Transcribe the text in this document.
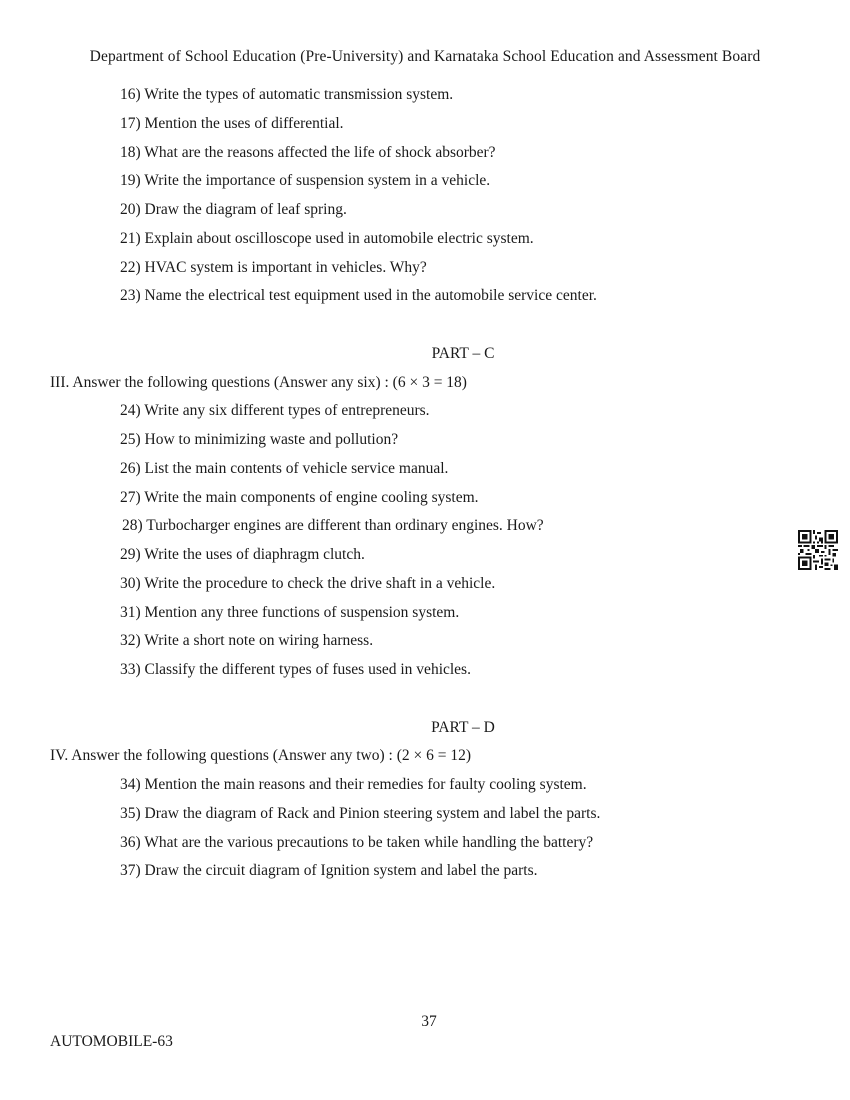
Department of School Education (Pre-University) and Karnataka School Education and Assessment Board
16) Write the types of automatic transmission system.
17) Mention the uses of differential.
18) What are the reasons affected the life of shock absorber?
19) Write the importance of suspension system in a vehicle.
20) Draw the diagram of leaf spring.
21) Explain about oscilloscope used in automobile electric system.
22) HVAC system is important in vehicles. Why?
23) Name the electrical test equipment used in the automobile service center.
PART – C
III. Answer the following questions (Answer any six) : (6 × 3 = 18)
24) Write any six different types of entrepreneurs.
25) How to minimizing waste and pollution?
26) List the main contents of vehicle service manual.
27) Write the main components of engine cooling system.
28) Turbocharger engines are different than ordinary engines. How?
29) Write the uses of diaphragm clutch.
30) Write the procedure to check the drive shaft in a vehicle.
31) Mention any three functions of suspension system.
32) Write a short note on wiring harness.
33) Classify the different types of fuses used in vehicles.
PART – D
IV. Answer the following questions (Answer any two) : (2 × 6 = 12)
34) Mention the main reasons and their remedies for faulty cooling system.
35) Draw the diagram of Rack and Pinion steering system and label the parts.
36) What are the various precautions to be taken while handling the battery?
37) Draw the circuit diagram of Ignition system and label the parts.
37
AUTOMOBILE-63
